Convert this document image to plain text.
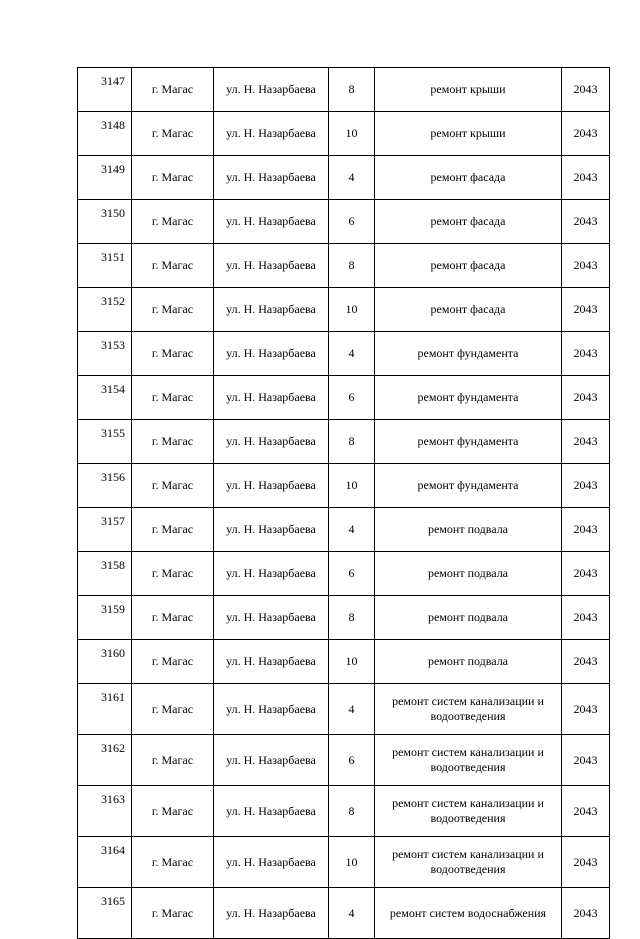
3147	г. Магас	ул. Н. Назарбаева	8	ремонт крыши	2043
3148	г. Магас	ул. Н. Назарбаева	10	ремонт крыши	2043
3149	г. Магас	ул. Н. Назарбаева	4	ремонт фасада	2043
3150	г. Магас	ул. Н. Назарбаева	6	ремонт фасада	2043
3151	г. Магас	ул. Н. Назарбаева	8	ремонт фасада	2043
3152	г. Магас	ул. Н. Назарбаева	10	ремонт фасада	2043
3153	г. Магас	ул. Н. Назарбаева	4	ремонт фундамента	2043
3154	г. Магас	ул. Н. Назарбаева	6	ремонт фундамента	2043
3155	г. Магас	ул. Н. Назарбаева	8	ремонт фундамента	2043
3156	г. Магас	ул. Н. Назарбаева	10	ремонт фундамента	2043
3157	г. Магас	ул. Н. Назарбаева	4	ремонт подвала	2043
3158	г. Магас	ул. Н. Назарбаева	6	ремонт подвала	2043
3159	г. Магас	ул. Н. Назарбаева	8	ремонт подвала	2043
3160	г. Магас	ул. Н. Назарбаева	10	ремонт подвала	2043
3161	г. Магас	ул. Н. Назарбаева	4	ремонт систем канализации и водоотведения	2043
3162	г. Магас	ул. Н. Назарбаева	6	ремонт систем канализации и водоотведения	2043
3163	г. Магас	ул. Н. Назарбаева	8	ремонт систем канализации и водоотведения	2043
3164	г. Магас	ул. Н. Назарбаева	10	ремонт систем канализации и водоотведения	2043
3165	г. Магас	ул. Н. Назарбаева	4	ремонт систем водоснабжения	2043
